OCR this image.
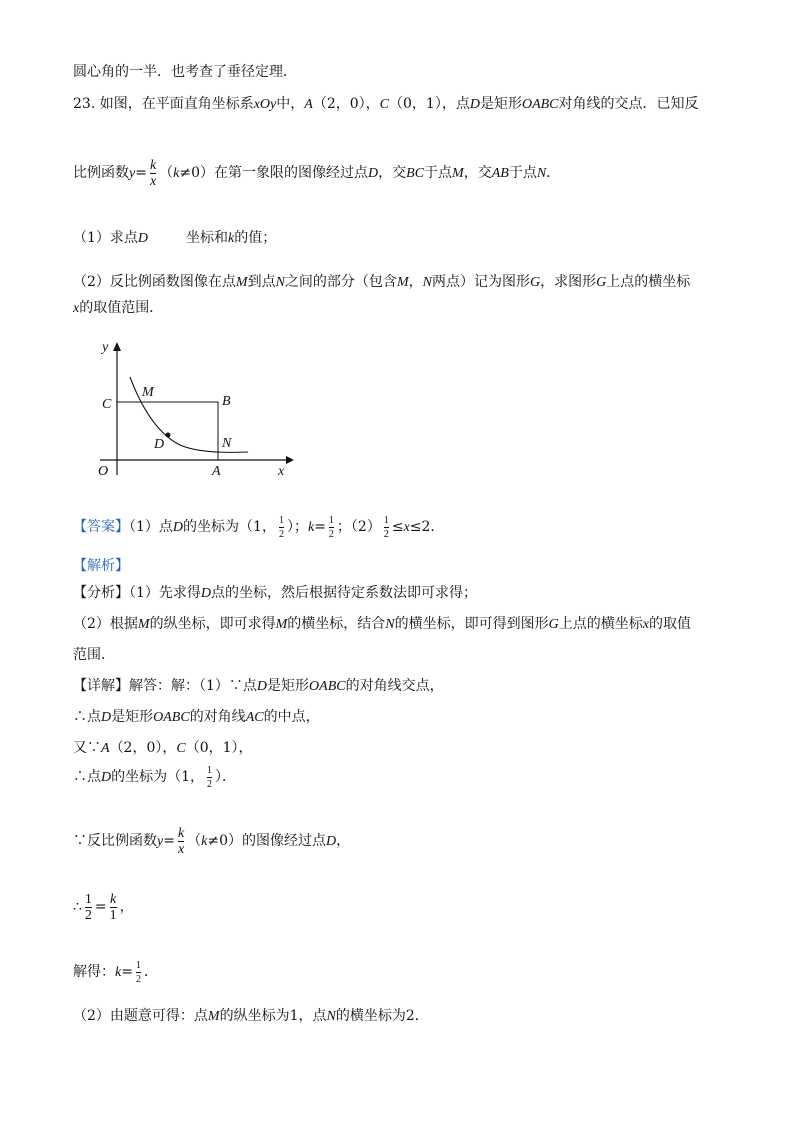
圆心角的一半．也考查了垂径定理．
23. 如图，在平面直角坐标系xOy中，A（2，0），C（0，1），点D是矩形OABC对角线的交点．已知反
比例函数$y= \frac{k}{x} (k\ne 0)$在第一象限的图像经过点D，交BC于点M，交AB于点N．
（1）求点D	坐标和k的值；
（2）反比例函数图像在点M到点N之间的部分（包含M，N两点）记为图形G，求图形G上点的横坐标
x的取值范围．
y
x
O	A
B
C
M
N
D
【答案】（1）点D的坐标为（1， $\frac{1}{2}$ ）；$k= \frac{1}{2}$ ；$(2) \frac{1}{2} \le x\le 2$．
【解析】
【分析】（1）先求得D点的坐标，然后根据待定系数法即可求得；
（2）根据M的纵坐标，即可求得M的横坐标，结合N的横坐标，即可得到图形G上点的横坐标x的取值
范围．
【详解】解答：解：（1）∵点D是矩形OABC的对角线交点，
∴点D是矩形OABC的对角线AC的中点，
又∵A（2，0），C（0，1），
∴点D的坐标为（1， $\frac{1}{2}$ ）．
∵反比例函数$y= \frac{k}{x} (k\ne 0)$的图像经过点D，
∴ $\frac{1}{2} = \frac{k}{1}$ ，
解得：$k= \frac{1}{2}$ ．
（2）由题意可得：点M的纵坐标为1，点N的横坐标为2．
